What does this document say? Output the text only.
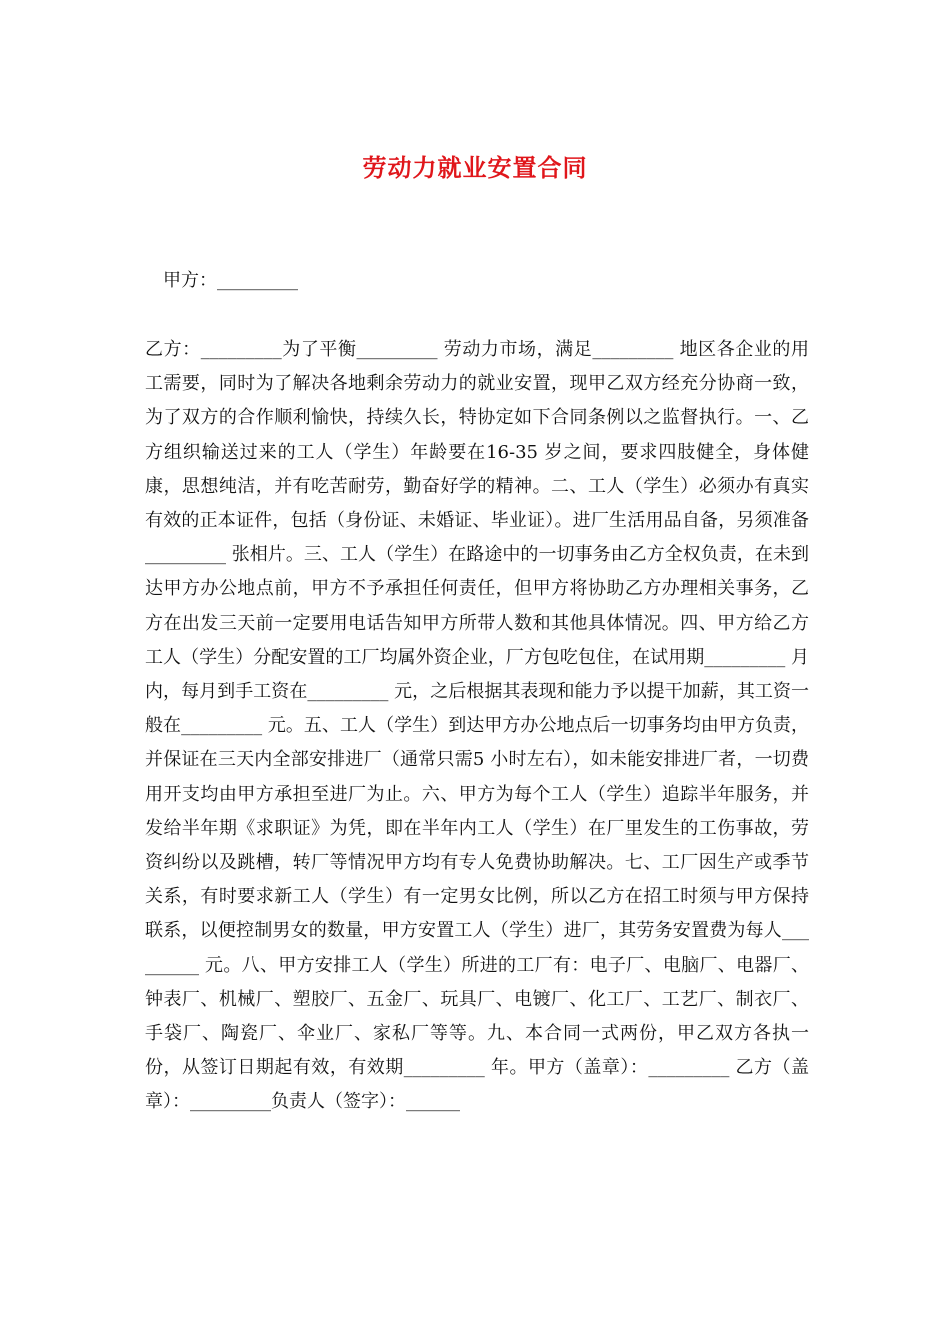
劳动力就业安置合同
甲方：_________
乙方：_________为了平衡_________ 劳动力市场，满足_________ 地区各企业的用工需要，同时为了解决各地剩余劳动力的就业安置，现甲乙双方经充分协商一致，为了双方的合作顺利愉快，持续久长，特协定如下合同条例以之监督执行。一、乙方组织输送过来的工人（学生）年龄要在16-35 岁之间，要求四肢健全，身体健康，思想纯洁，并有吃苦耐劳，勤奋好学的精神。二、工人（学生）必须办有真实有效的正本证件，包括（身份证、未婚证、毕业证）。进厂生活用品自备，另须准备_________ 张相片。三、工人（学生）在路途中的一切事务由乙方全权负责，在未到达甲方办公地点前，甲方不予承担任何责任，但甲方将协助乙方办理相关事务，乙方在出发三天前一定要用电话告知甲方所带人数和其他具体情况。四、甲方给乙方工人（学生）分配安置的工厂均属外资企业，厂方包吃包住，在试用期_________ 月内，每月到手工资在_________ 元，之后根据其表现和能力予以提干加薪，其工资一般在_________ 元。五、工人（学生）到达甲方办公地点后一切事务均由甲方负责，并保证在三天内全部安排进厂（通常只需5 小时左右），如未能安排进厂者，一切费用开支均由甲方承担至进厂为止。六、甲方为每个工人（学生）追踪半年服务，并发给半年期《求职证》为凭，即在半年内工人（学生）在厂里发生的工伤事故，劳资纠纷以及跳槽，转厂等情况甲方均有专人免费协助解决。七、工厂因生产或季节关系，有时要求新工人（学生）有一定男女比例，所以乙方在招工时须与甲方保持联系，以便控制男女的数量，甲方安置工人（学生）进厂，其劳务安置费为每人_________ 元。八、甲方安排工人（学生）所进的工厂有：电子厂、电脑厂、电器厂、钟表厂、机械厂、塑胶厂、五金厂、玩具厂、电镀厂、化工厂、工艺厂、制衣厂、手袋厂、陶瓷厂、伞业厂、家私厂等等。九、本合同一式两份，甲乙双方各执一份，从签订日期起有效，有效期_________ 年。甲方（盖章）：_________ 乙方（盖章）：_________负责人（签字）：______
